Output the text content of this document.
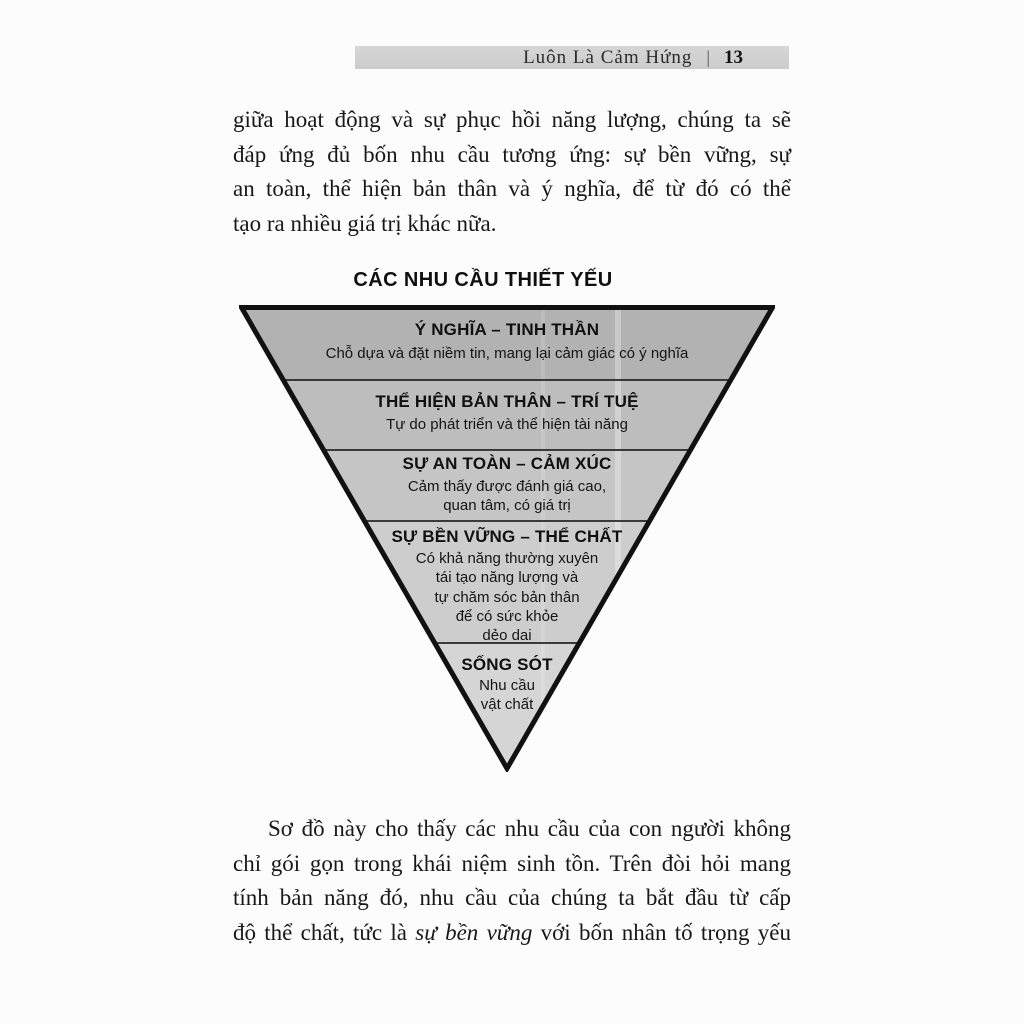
Luôn Là Cảm Hứng | 13
giữa hoạt động và sự phục hồi năng lượng, chúng ta sẽ
đáp ứng đủ bốn nhu cầu tương ứng: sự bền vững, sự
an toàn, thể hiện bản thân và ý nghĩa, để từ đó có thể
tạo ra nhiều giá trị khác nữa.
CÁC NHU CẦU THIẾT YẾU
Ý NGHĨA – TINH THẦN
Chỗ dựa và đặt niềm tin, mang lại cảm giác có ý nghĩa
THỂ HIỆN BẢN THÂN – TRÍ TUỆ
Tự do phát triển và thể hiện tài năng
SỰ AN TOÀN – CẢM XÚC
Cảm thấy được đánh giá cao,
quan tâm, có giá trị
SỰ BỀN VỮNG – THỂ CHẤT
Có khả năng thường xuyên
tái tạo năng lượng và
tự chăm sóc bản thân
để có sức khỏe
dẻo dai
SỐNG SÓT
Nhu cầu
vật chất
Sơ đồ này cho thấy các nhu cầu của con người không
chỉ gói gọn trong khái niệm sinh tồn. Trên đòi hỏi mang
tính bản năng đó, nhu cầu của chúng ta bắt đầu từ cấp
độ thể chất, tức là sự bền vững với bốn nhân tố trọng yếu
